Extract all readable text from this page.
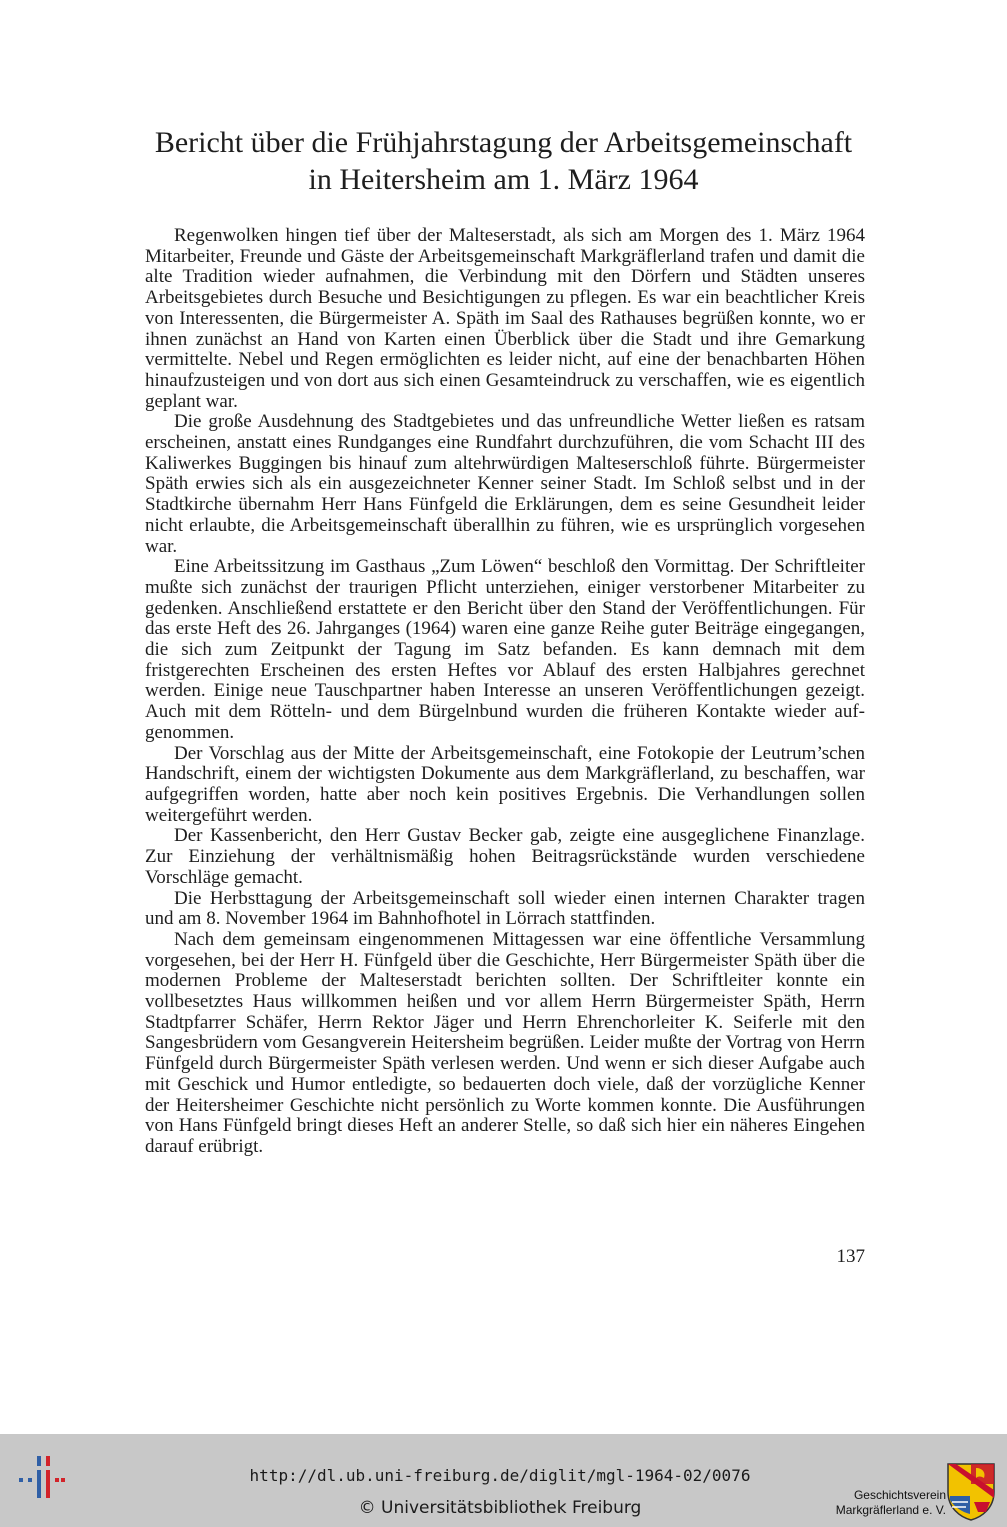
Bericht über die Frühjahrstagung der Arbeitsgemeinschaft
in Heitersheim am 1. März 1964

Regenwolken hingen tief über der Malteserstadt, als sich am Morgen des 1. März 1964 Mitarbeiter, Freunde und Gäste der Arbeitsgemeinschaft Markgräflerland trafen und damit die alte Tradition wieder aufnahmen, die Verbindung mit den Dörfern und Städten unseres Arbeitsgebietes durch Besuche und Besichtigungen zu pflegen. Es war ein beachtlicher Kreis von Interessenten, die Bürgermeister A. Späth im Saal des Rathauses begrüßen konnte, wo er ihnen zunächst an Hand von Karten einen Überblick über die Stadt und ihre Gemarkung vermittelte. Nebel und Regen ermöglichten es leider nicht, auf eine der benachbarten Höhen hinaufzusteigen und von dort aus sich einen Gesamteindruck zu verschaffen, wie es eigentlich geplant war.

Die große Ausdehnung des Stadtgebietes und das unfreundliche Wetter ließen es ratsam erscheinen, anstatt eines Rundganges eine Rundfahrt durchzuführen, die vom Schacht III des Kaliwerkes Buggingen bis hinauf zum altehrwürdigen Malteserschloß führte. Bürgermeister Späth erwies sich als ein ausgezeichneter Kenner seiner Stadt. Im Schloß selbst und in der Stadtkirche übernahm Herr Hans Fünfgeld die Erklärungen, dem es seine Gesundheit leider nicht erlaubte, die Arbeitsgemeinschaft überallhin zu führen, wie es ursprünglich vorgesehen war.

Eine Arbeitssitzung im Gasthaus „Zum Löwen“ beschloß den Vormittag. Der Schriftleiter mußte sich zunächst der traurigen Pflicht unterziehen, einiger verstorbener Mitarbeiter zu gedenken. Anschließend erstattete er den Bericht über den Stand der Veröffentlichungen. Für das erste Heft des 26. Jahrganges (1964) waren eine ganze Reihe guter Beiträge eingegangen, die sich zum Zeitpunkt der Tagung im Satz befanden. Es kann demnach mit dem fristgerechten Erscheinen des ersten Heftes vor Ablauf des ersten Halbjahres gerechnet werden. Einige neue Tauschpartner haben Interesse an unseren Veröffentlichungen gezeigt. Auch mit dem Rötteln- und dem Bürgelnbund wurden die früheren Kontakte wieder aufgenommen.

Der Vorschlag aus der Mitte der Arbeitsgemeinschaft, eine Fotokopie der Leutrum’schen Handschrift, einem der wichtigsten Dokumente aus dem Markgräflerland, zu beschaffen, war aufgegriffen worden, hatte aber noch kein positives Ergebnis. Die Verhandlungen sollen weitergeführt werden.

Der Kassenbericht, den Herr Gustav Becker gab, zeigte eine ausgeglichene Finanzlage. Zur Einziehung der verhältnismäßig hohen Beitragsrückstände wurden verschiedene Vorschläge gemacht.

Die Herbsttagung der Arbeitsgemeinschaft soll wieder einen internen Charakter tragen und am 8. November 1964 im Bahnhofhotel in Lörrach stattfinden.

Nach dem gemeinsam eingenommenen Mittagessen war eine öffentliche Versammlung vorgesehen, bei der Herr H. Fünfgeld über die Geschichte, Herr Bürgermeister Späth über die modernen Probleme der Malteserstadt berichten sollten. Der Schriftleiter konnte ein vollbesetztes Haus willkommen heißen und vor allem Herrn Bürgermeister Späth, Herrn Stadtpfarrer Schäfer, Herrn Rektor Jäger und Herrn Ehrenchorleiter K. Seiferle mit den Sangesbrüdern vom Gesangverein Heitersheim begrüßen. Leider mußte der Vortrag von Herrn Fünfgeld durch Bürgermeister Späth verlesen werden. Und wenn er sich dieser Aufgabe auch mit Geschick und Humor entledigte, so bedauerten doch viele, daß der vorzügliche Kenner der Heitersheimer Geschichte nicht persönlich zu Worte kommen konnte. Die Ausführungen von Hans Fünfgeld bringt dieses Heft an anderer Stelle, so daß sich hier ein näheres Eingehen darauf erübrigt.

137
http://dl.ub.uni-freiburg.de/diglit/mgl-1964-02/0076
© Universitätsbibliothek Freiburg
Geschichtsverein
Markgräflerland e. V.
